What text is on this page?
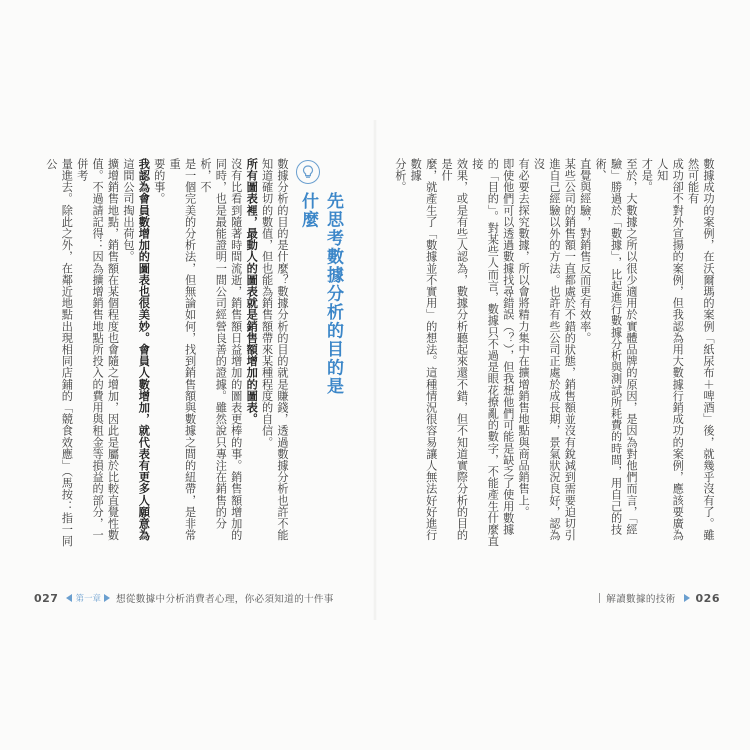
數據成功的案例，在沃爾瑪的案例「紙尿布＋啤酒」後，就幾乎沒有了。雖然可能有
成功卻不對外宣揚的案例，但我認為用大數據行銷成功的案例，應該要廣為人知
才是。
至於，大數據之所以很少適用於實體品牌的原因，是因為對他們而言，「經
驗」勝過於「數據」，比起進行數據分析與測試所耗費的時間，用自己的技術、
直覺與經驗，對銷售反而更有效率。
某些公司的銷售額一直都處於不錯的狀態，銷售額並沒有銳減到需要迫切引
進自己經驗以外的方法。也許有些公司正處於成長期，景氣狀況良好，認為沒
有必要去探究數據，所以會將精力集中在擴增銷售地點與商品銷售上。
即使他們可以透過數據找尋錯誤（？），但我想他們可能是缺乏了使用數據
的「目的」。對某些人而言，數據只不過是眼花撩亂的數字，不能產生什麼直接
效果，或是有些人認為，數據分析聽起來還不錯，但不知道實際分析的目的是什
麼，就產生了「數據並不實用」的想法。這種情況很容易讓人無法好好進行數據
分析。
先思考數據分析的目的是什麼
數據分析的目的是什麼？數據分析的目的就是賺錢，透過數據分析也許不能
知道確切的數值，但也能為銷售額帶來某種程度的自信。
所有圖表裡，最動人的圖表就是銷售額增加的圖表。
沒有比看到隨著時間流逝，銷售額日益增加的圖表更棒的事。銷售額增加的
同時，也是最能證明一間公司經營良善的證據。雖然說只專注在銷售的分析，不
是一個完美的分析法，但無論如何，找到銷售額與數據之間的紐帶，是非常重
要的事。
我認為會員數增加的圖表也很美妙。會員人數增加，就代表有更多人願意為
這間公司掏出荷包。
擴增銷售地點，銷售額在某個程度也會隨之增加，因此是屬於比較直覺性數
值。不過請記得：因為擴增銷售地點所投入的費用與租金等損益的部分，一併考
量進去。除此之外，在鄰近地點出現相同店鋪的「競食效應」（馬按：指一同公
027 第一章 想從數據中分析消費者心理，你必須知道的十件事	解讀數據的技術 026
